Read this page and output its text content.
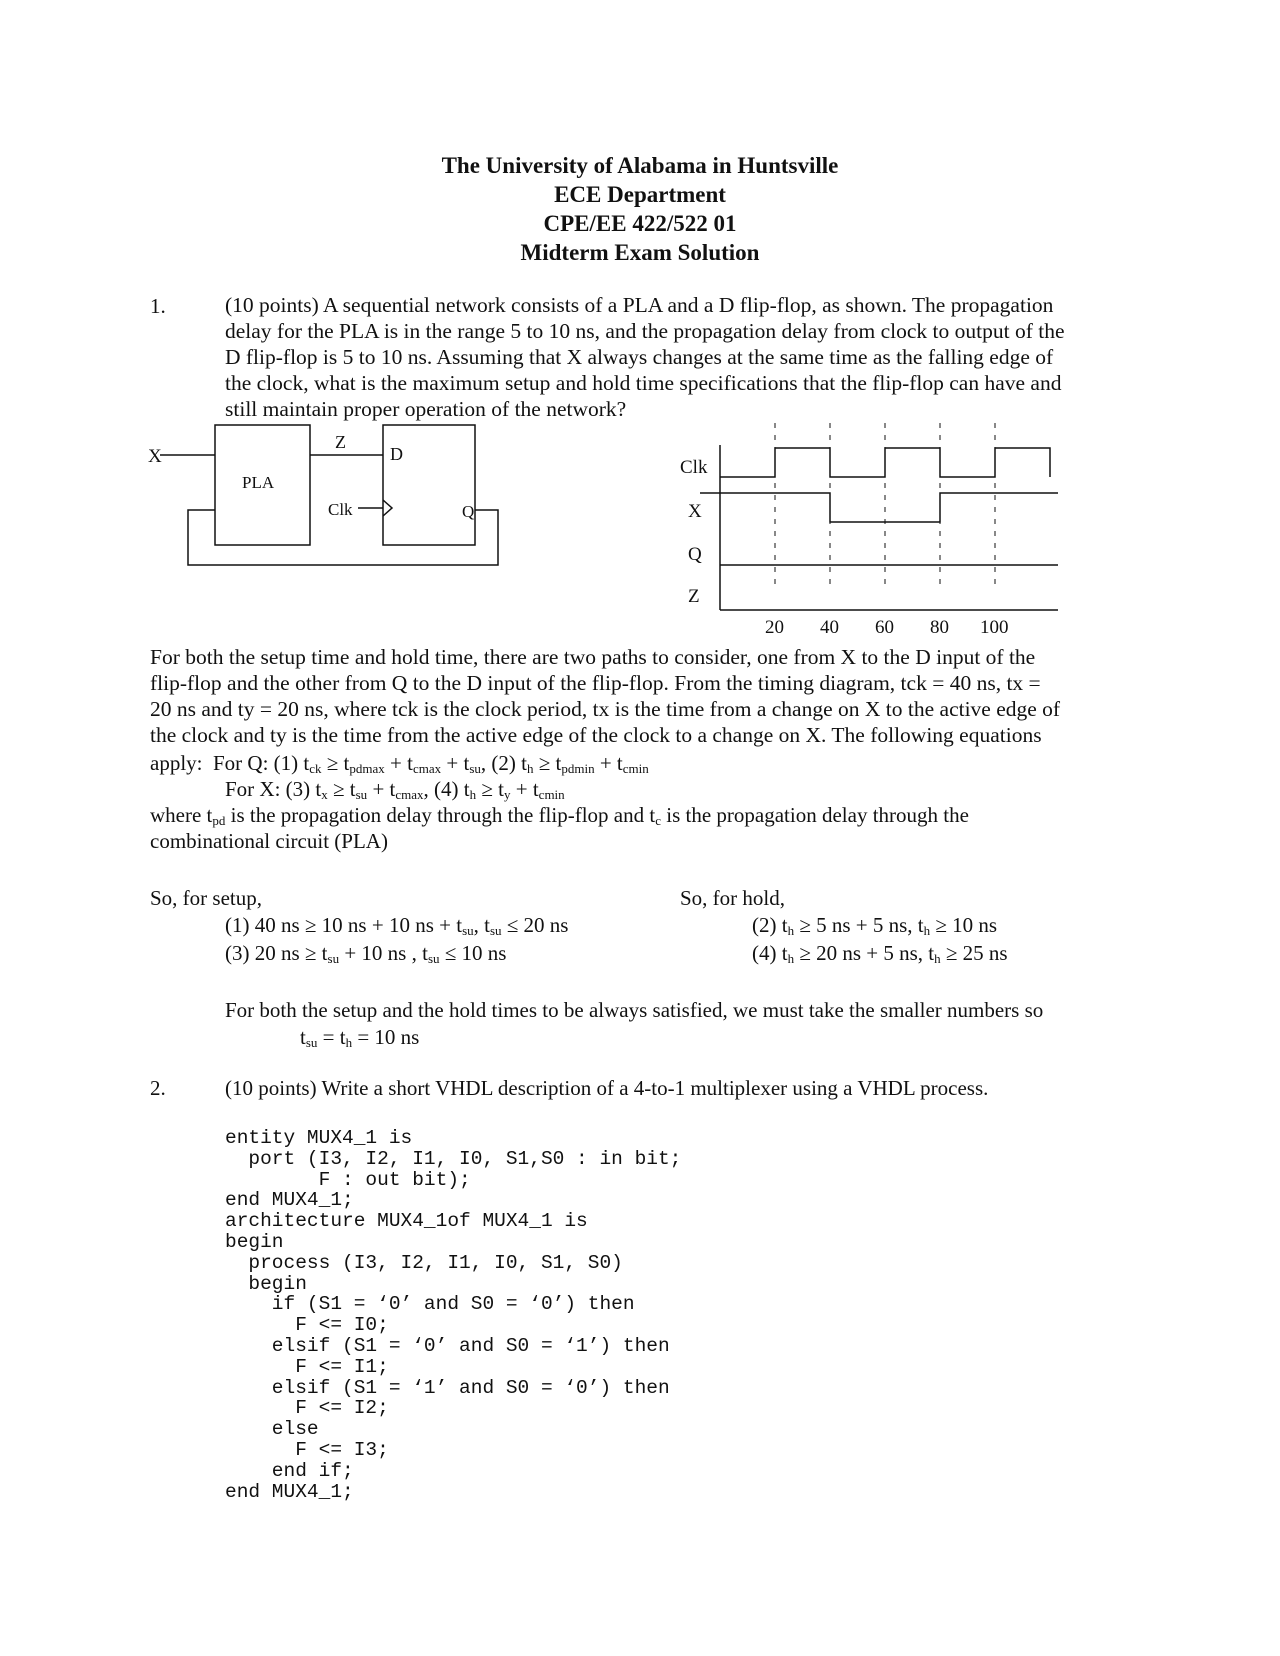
The University of Alabama in Huntsville
ECE Department
CPE/EE 422/522 01
Midterm Exam Solution
1.	(10 points) A sequential network consists of a PLA and a D flip-flop, as shown. The propagation
delay for the PLA is in the range 5 to 10 ns, and the propagation delay from clock to output of the
D flip-flop is 5 to 10 ns. Assuming that X always changes at the same time as the falling edge of
the clock, what is the maximum setup and hold time specifications that the flip-flop can have and
still maintain proper operation of the network?
X
PLA
Z
D
Clk	Q
Clk
X
Q
Z
20 40 60 80 100
For both the setup time and hold time, there are two paths to consider, one from X to the D input of the
flip-flop and the other from Q to the D input of the flip-flop. From the timing diagram, tck = 40 ns, tx =
20 ns and ty = 20 ns, where tck is the clock period, tx is the time from a change on X to the active edge of
the clock and ty is the time from the active edge of the clock to a change on X. The following equations
apply: For Q: (1) $t_{ck} \ge t_{pdmax} + t_{cmax} + t_{su}$, (2) $t_h \ge t_{pdmin} + t_{cmin}$
For X: (3) $t_x \ge t_{su} + t_{cmax}$, (4) $t_h \ge t_y + t_{cmin}$
where $t_{pd}$ is the propagation delay through the flip-flop and $t_c$ is the propagation delay through the
combinational circuit (PLA)
So, for setup,
(1) 40 ns ≥ 10 ns + 10 ns + $t_{su}$, $t_{su} \le 20$ ns
(3) 20 ns ≥ $t_{su} + 10$ ns , $t_{su} \le 10$ ns
So, for hold,
(2) $t_h \ge 5$ ns + 5 ns, $t_h \ge 10$ ns
(4) $t_h \ge 20$ ns + 5 ns, $t_h \ge 25$ ns
For both the setup and the hold times to be always satisfied, we must take the smaller numbers so
$t_{su} = t_h = 10$ ns
2.	(10 points) Write a short VHDL description of a 4-to-1 multiplexer using a VHDL process.
entity MUX4_1 is
port (I3, I2, I1, I0, S1,S0 : in bit;
F : out bit);
end MUX4_1;
architecture MUX4_1of MUX4_1 is
begin
process (I3, I2, I1, I0, S1, S0)
begin
if (S1 = ‘0’ and S0 = ‘0’) then
F <= I0;
elsif (S1 = ‘0’ and S0 = ‘1’) then
F <= I1;
elsif (S1 = ‘1’ and S0 = ‘0’) then
F <= I2;
else
F <= I3;
end if;
end MUX4_1;
